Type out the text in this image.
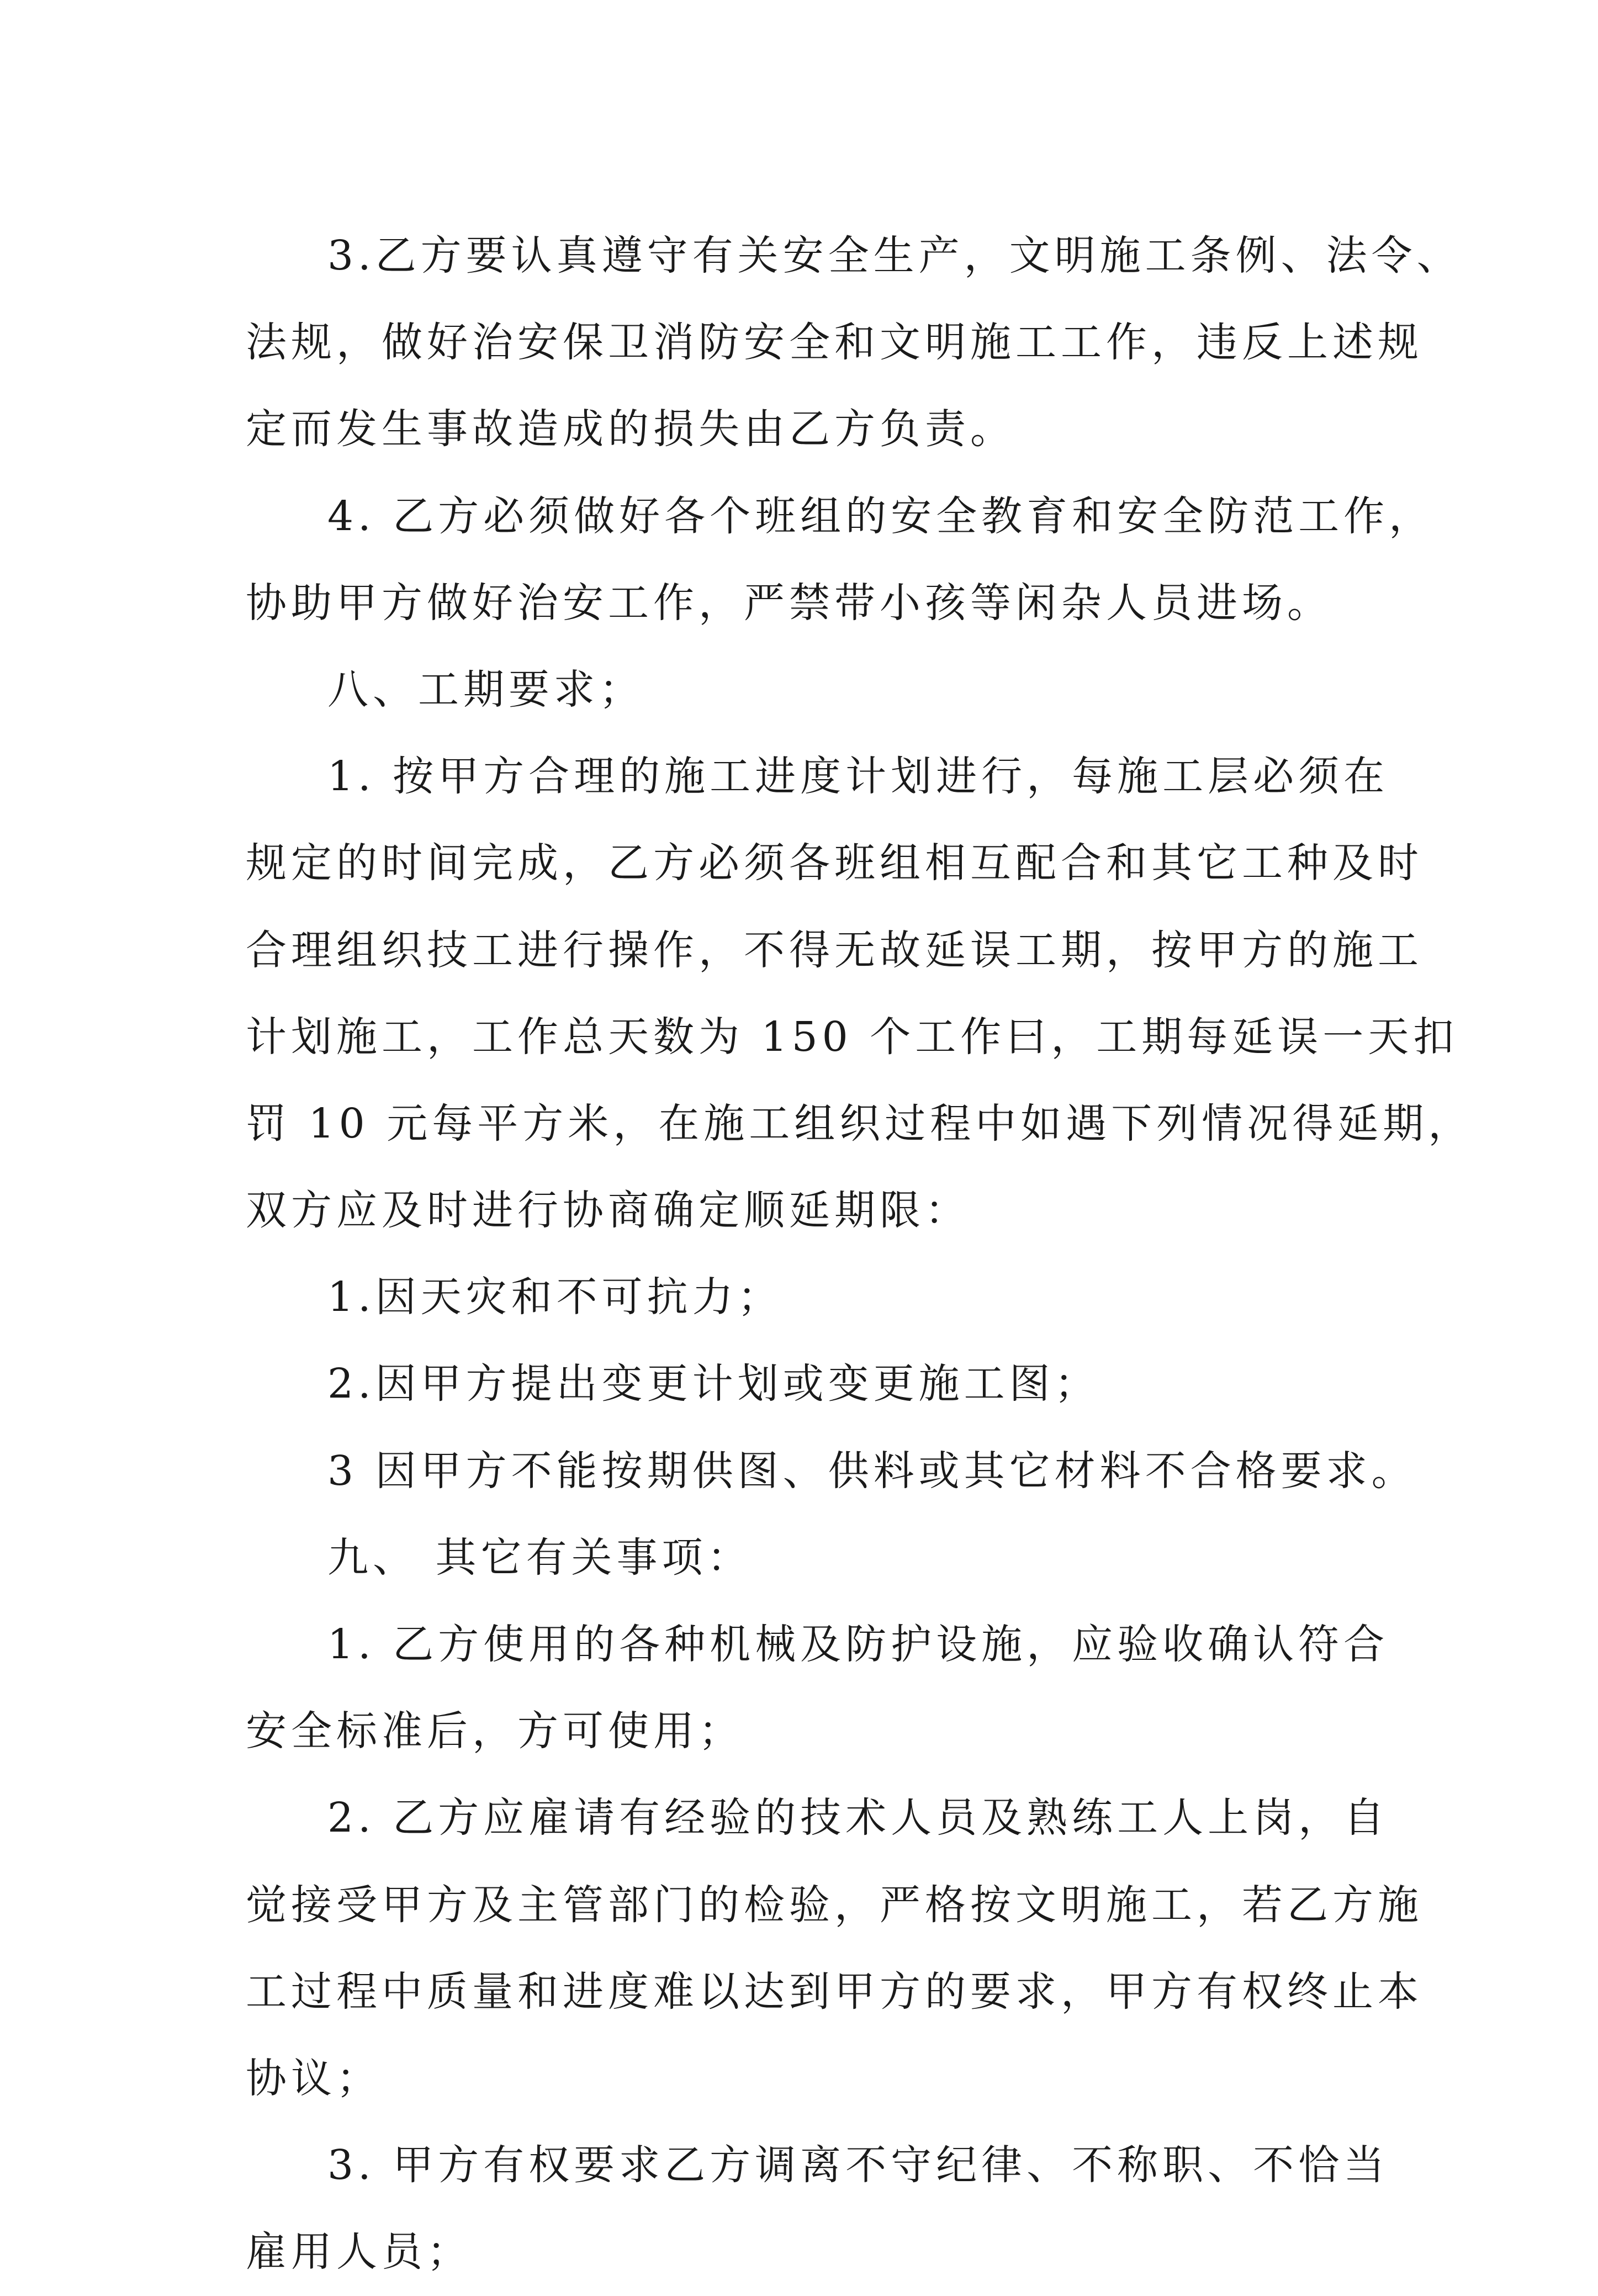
3.乙方要认真遵守有关安全生产，文明施工条例、法令、
法规，做好治安保卫消防安全和文明施工工作，违反上述规
定而发生事故造成的损失由乙方负责。
4. 乙方必须做好各个班组的安全教育和安全防范工作，
协助甲方做好治安工作，严禁带小孩等闲杂人员进场。
八、工期要求；
1. 按甲方合理的施工进度计划进行，每施工层必须在
规定的时间完成，乙方必须各班组相互配合和其它工种及时
合理组织技工进行操作，不得无故延误工期，按甲方的施工
计划施工，工作总天数为 150 个工作曰，工期每延误一天扣
罚 10 元每平方米，在施工组织过程中如遇下列情况得延期，
双方应及时进行协商确定顺延期限：
1.因天灾和不可抗力；
2.因甲方提出变更计划或变更施工图；
3 因甲方不能按期供图、供料或其它材料不合格要求。
九、 其它有关事项：
1. 乙方使用的各种机械及防护设施，应验收确认符合
安全标准后，方可使用；
2. 乙方应雇请有经验的技术人员及熟练工人上岗，自
觉接受甲方及主管部门的检验，严格按文明施工，若乙方施
工过程中质量和进度难以达到甲方的要求，甲方有权终止本
协议；
3. 甲方有权要求乙方调离不守纪律、不称职、不恰当
雇用人员；
